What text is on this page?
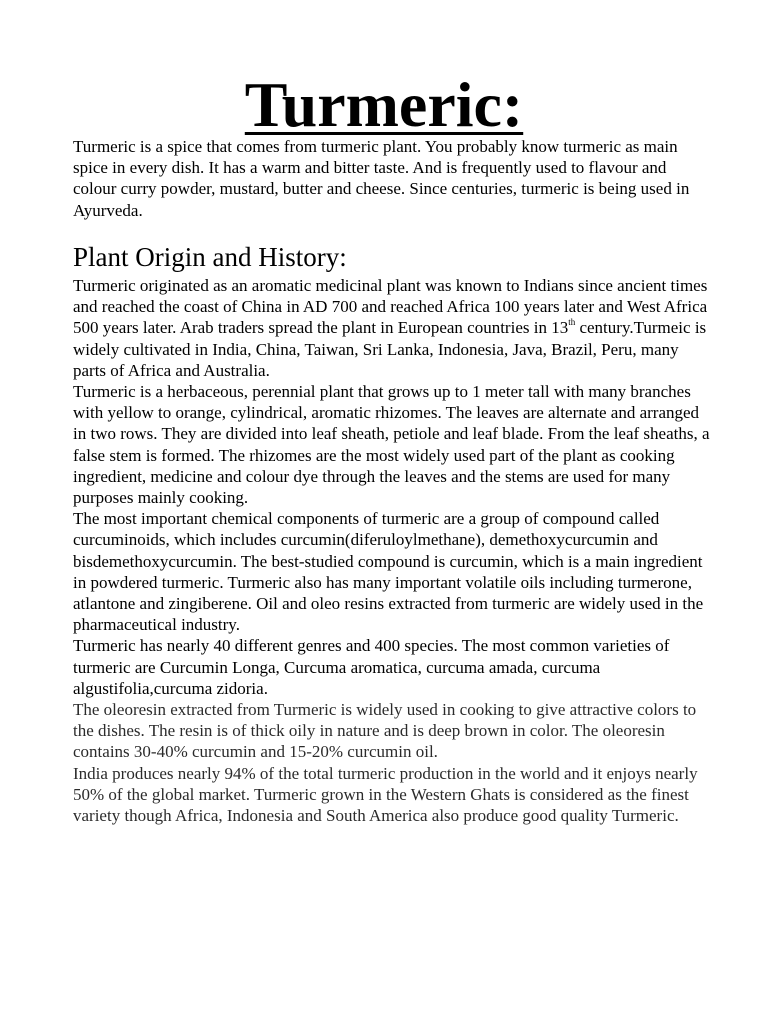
Turmeric:

Turmeric is a spice that comes from turmeric plant. You probably know turmeric as main spice in every dish. It has a warm and bitter taste. And is frequently used to flavour and colour curry powder, mustard, butter and cheese. Since centuries, turmeric is being used in Ayurveda.

Plant Origin and History:

Turmeric originated as an aromatic medicinal plant was known to Indians since ancient times and reached the coast of China in AD 700 and reached Africa 100 years later and West Africa 500 years later. Arab traders spread the plant in European countries in 13th century.Turmeic is widely cultivated in India, China, Taiwan, Sri Lanka, Indonesia, Java, Brazil, Peru, many parts of Africa and Australia.

Turmeric is a herbaceous, perennial plant that grows up to 1 meter tall with many branches with yellow to orange, cylindrical, aromatic rhizomes. The leaves are alternate and arranged in two rows. They are divided into leaf sheath, petiole and leaf blade. From the leaf sheaths, a false stem is formed. The rhizomes are the most widely used part of the plant as cooking ingredient, medicine and colour dye through the leaves and the stems are used for many purposes mainly cooking.

The most important chemical components of turmeric are a group of compound called curcuminoids, which includes curcumin(diferuloylmethane), demethoxycurcumin and bisdemethoxycurcumin. The best-studied compound is curcumin, which is a main ingredient in powdered turmeric. Turmeric also has many important volatile oils including turmerone, atlantone and zingiberene. Oil and oleo resins extracted from turmeric are widely used in the pharmaceutical industry.

Turmeric has nearly 40 different genres and 400 species. The most common varieties of turmeric are Curcumin Longa, Curcuma aromatica, curcuma amada, curcuma algustifolia,curcuma zidoria.

The oleoresin extracted from Turmeric is widely used in cooking to give attractive colors to the dishes. The resin is of thick oily in nature and is deep brown in color. The oleoresin contains 30-40% curcumin and 15-20% curcumin oil.

India produces nearly 94% of the total turmeric production in the world and it enjoys nearly 50% of the global market. Turmeric grown in the Western Ghats is considered as the finest variety though Africa, Indonesia and South America also produce good quality Turmeric.
